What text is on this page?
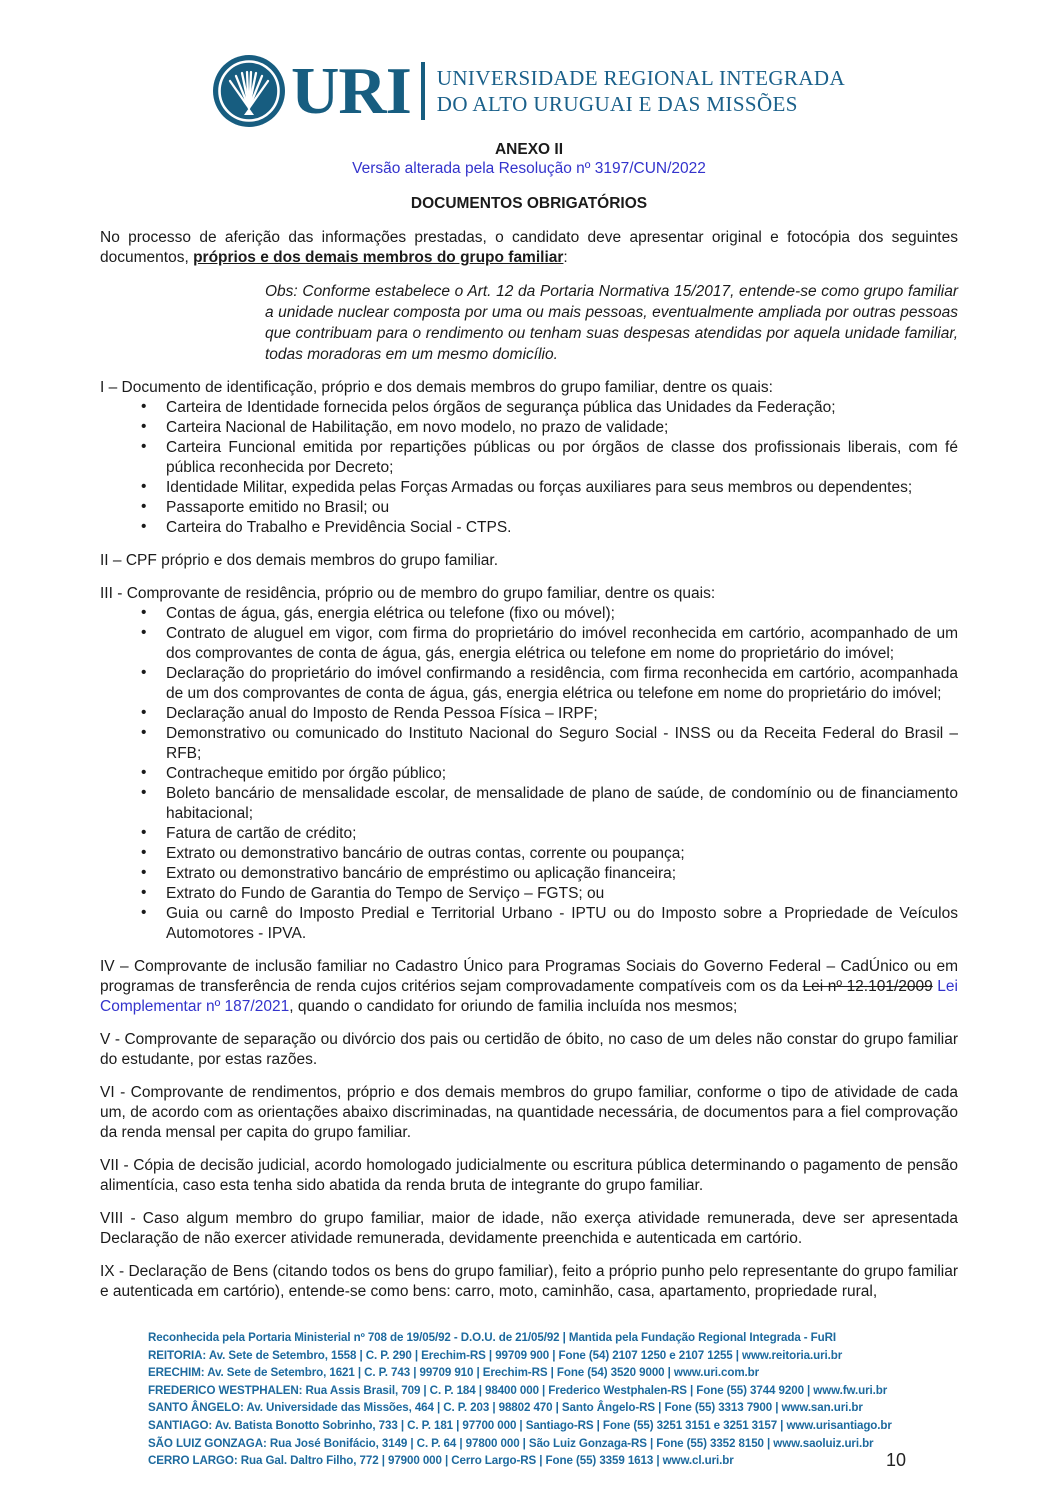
URI UNIVERSIDADE REGIONAL INTEGRADA
DO ALTO URUGUAI E DAS MISSÕES
ANEXO II
Versão alterada pela Resolução nº 3197/CUN/2022
DOCUMENTOS OBRIGATÓRIOS

No processo de aferição das informações prestadas, o candidato deve apresentar original e fotocópia dos seguintes documentos, próprios e dos demais membros do grupo familiar:

Obs: Conforme estabelece o Art. 12 da Portaria Normativa 15/2017, entende-se como grupo familiar a unidade nuclear composta por uma ou mais pessoas, eventualmente ampliada por outras pessoas que contribuam para o rendimento ou tenham suas despesas atendidas por aquela unidade familiar, todas moradoras em um mesmo domicílio.

I – Documento de identificação, próprio e dos demais membros do grupo familiar, dentre os quais:

• Carteira de Identidade fornecida pelos órgãos de segurança pública das Unidades da Federação;
• Carteira Nacional de Habilitação, em novo modelo, no prazo de validade;
• Carteira Funcional emitida por repartições públicas ou por órgãos de classe dos profissionais liberais, com fé pública reconhecida por Decreto;
• Identidade Militar, expedida pelas Forças Armadas ou forças auxiliares para seus membros ou dependentes;
• Passaporte emitido no Brasil; ou
• Carteira do Trabalho e Previdência Social - CTPS.

II – CPF próprio e dos demais membros do grupo familiar.

III - Comprovante de residência, próprio ou de membro do grupo familiar, dentre os quais:

• Contas de água, gás, energia elétrica ou telefone (fixo ou móvel);
• Contrato de aluguel em vigor, com firma do proprietário do imóvel reconhecida em cartório, acompanhado de um dos comprovantes de conta de água, gás, energia elétrica ou telefone em nome do proprietário do imóvel;
• Declaração do proprietário do imóvel confirmando a residência, com firma reconhecida em cartório, acompanhada de um dos comprovantes de conta de água, gás, energia elétrica ou telefone em nome do proprietário do imóvel;
• Declaração anual do Imposto de Renda Pessoa Física – IRPF;
• Demonstrativo ou comunicado do Instituto Nacional do Seguro Social - INSS ou da Receita Federal do Brasil – RFB;
• Contracheque emitido por órgão público;
• Boleto bancário de mensalidade escolar, de mensalidade de plano de saúde, de condomínio ou de financiamento habitacional;
• Fatura de cartão de crédito;
• Extrato ou demonstrativo bancário de outras contas, corrente ou poupança;
• Extrato ou demonstrativo bancário de empréstimo ou aplicação financeira;
• Extrato do Fundo de Garantia do Tempo de Serviço – FGTS; ou
• Guia ou carnê do Imposto Predial e Territorial Urbano - IPTU ou do Imposto sobre a Propriedade de Veículos Automotores - IPVA.

IV – Comprovante de inclusão familiar no Cadastro Único para Programas Sociais do Governo Federal – CadÚnico ou em programas de transferência de renda cujos critérios sejam comprovadamente compatíveis com os da Lei nº 12.101/2009 Lei Complementar nº 187/2021, quando o candidato for oriundo de familia incluída nos mesmos;

V - Comprovante de separação ou divórcio dos pais ou certidão de óbito, no caso de um deles não constar do grupo familiar do estudante, por estas razões.

VI - Comprovante de rendimentos, próprio e dos demais membros do grupo familiar, conforme o tipo de atividade de cada um, de acordo com as orientações abaixo discriminadas, na quantidade necessária, de documentos para a fiel comprovação da renda mensal per capita do grupo familiar.

VII - Cópia de decisão judicial, acordo homologado judicialmente ou escritura pública determinando o pagamento de pensão alimentícia, caso esta tenha sido abatida da renda bruta de integrante do grupo familiar.

VIII - Caso algum membro do grupo familiar, maior de idade, não exerça atividade remunerada, deve ser apresentada Declaração de não exercer atividade remunerada, devidamente preenchida e autenticada em cartório.

IX - Declaração de Bens (citando todos os bens do grupo familiar), feito a próprio punho pelo representante do grupo familiar e autenticada em cartório), entende-se como bens: carro, moto, caminhão, casa, apartamento, propriedade rural,

Reconhecida pela Portaria Ministerial nº 708 de 19/05/92 - D.O.U. de 21/05/92 | Mantida pela Fundação Regional Integrada - FuRI
REITORIA: Av. Sete de Setembro, 1558 | C. P. 290 | Erechim-RS | 99709 900 | Fone (54) 2107 1250 e 2107 1255 | www.reitoria.uri.br
ERECHIM: Av. Sete de Setembro, 1621 | C. P. 743 | 99709 910 | Erechim-RS | Fone (54) 3520 9000 | www.uri.com.br
FREDERICO WESTPHALEN: Rua Assis Brasil, 709 | C. P. 184 | 98400 000 | Frederico Westphalen-RS | Fone (55) 3744 9200 | www.fw.uri.br
SANTO ÂNGELO: Av. Universidade das Missões, 464 | C. P. 203 | 98802 470 | Santo Ângelo-RS | Fone (55) 3313 7900 | www.san.uri.br
SANTIAGO: Av. Batista Bonotto Sobrinho, 733 | C. P. 181 | 97700 000 | Santiago-RS | Fone (55) 3251 3151 e 3251 3157 | www.urisantiago.br
SÃO LUIZ GONZAGA: Rua José Bonifácio, 3149 | C. P. 64 | 97800 000 | São Luiz Gonzaga-RS | Fone (55) 3352 8150 | www.saoluiz.uri.br
CERRO LARGO: Rua Gal. Daltro Filho, 772 | 97900 000 | Cerro Largo-RS | Fone (55) 3359 1613 | www.cl.uri.br	10
